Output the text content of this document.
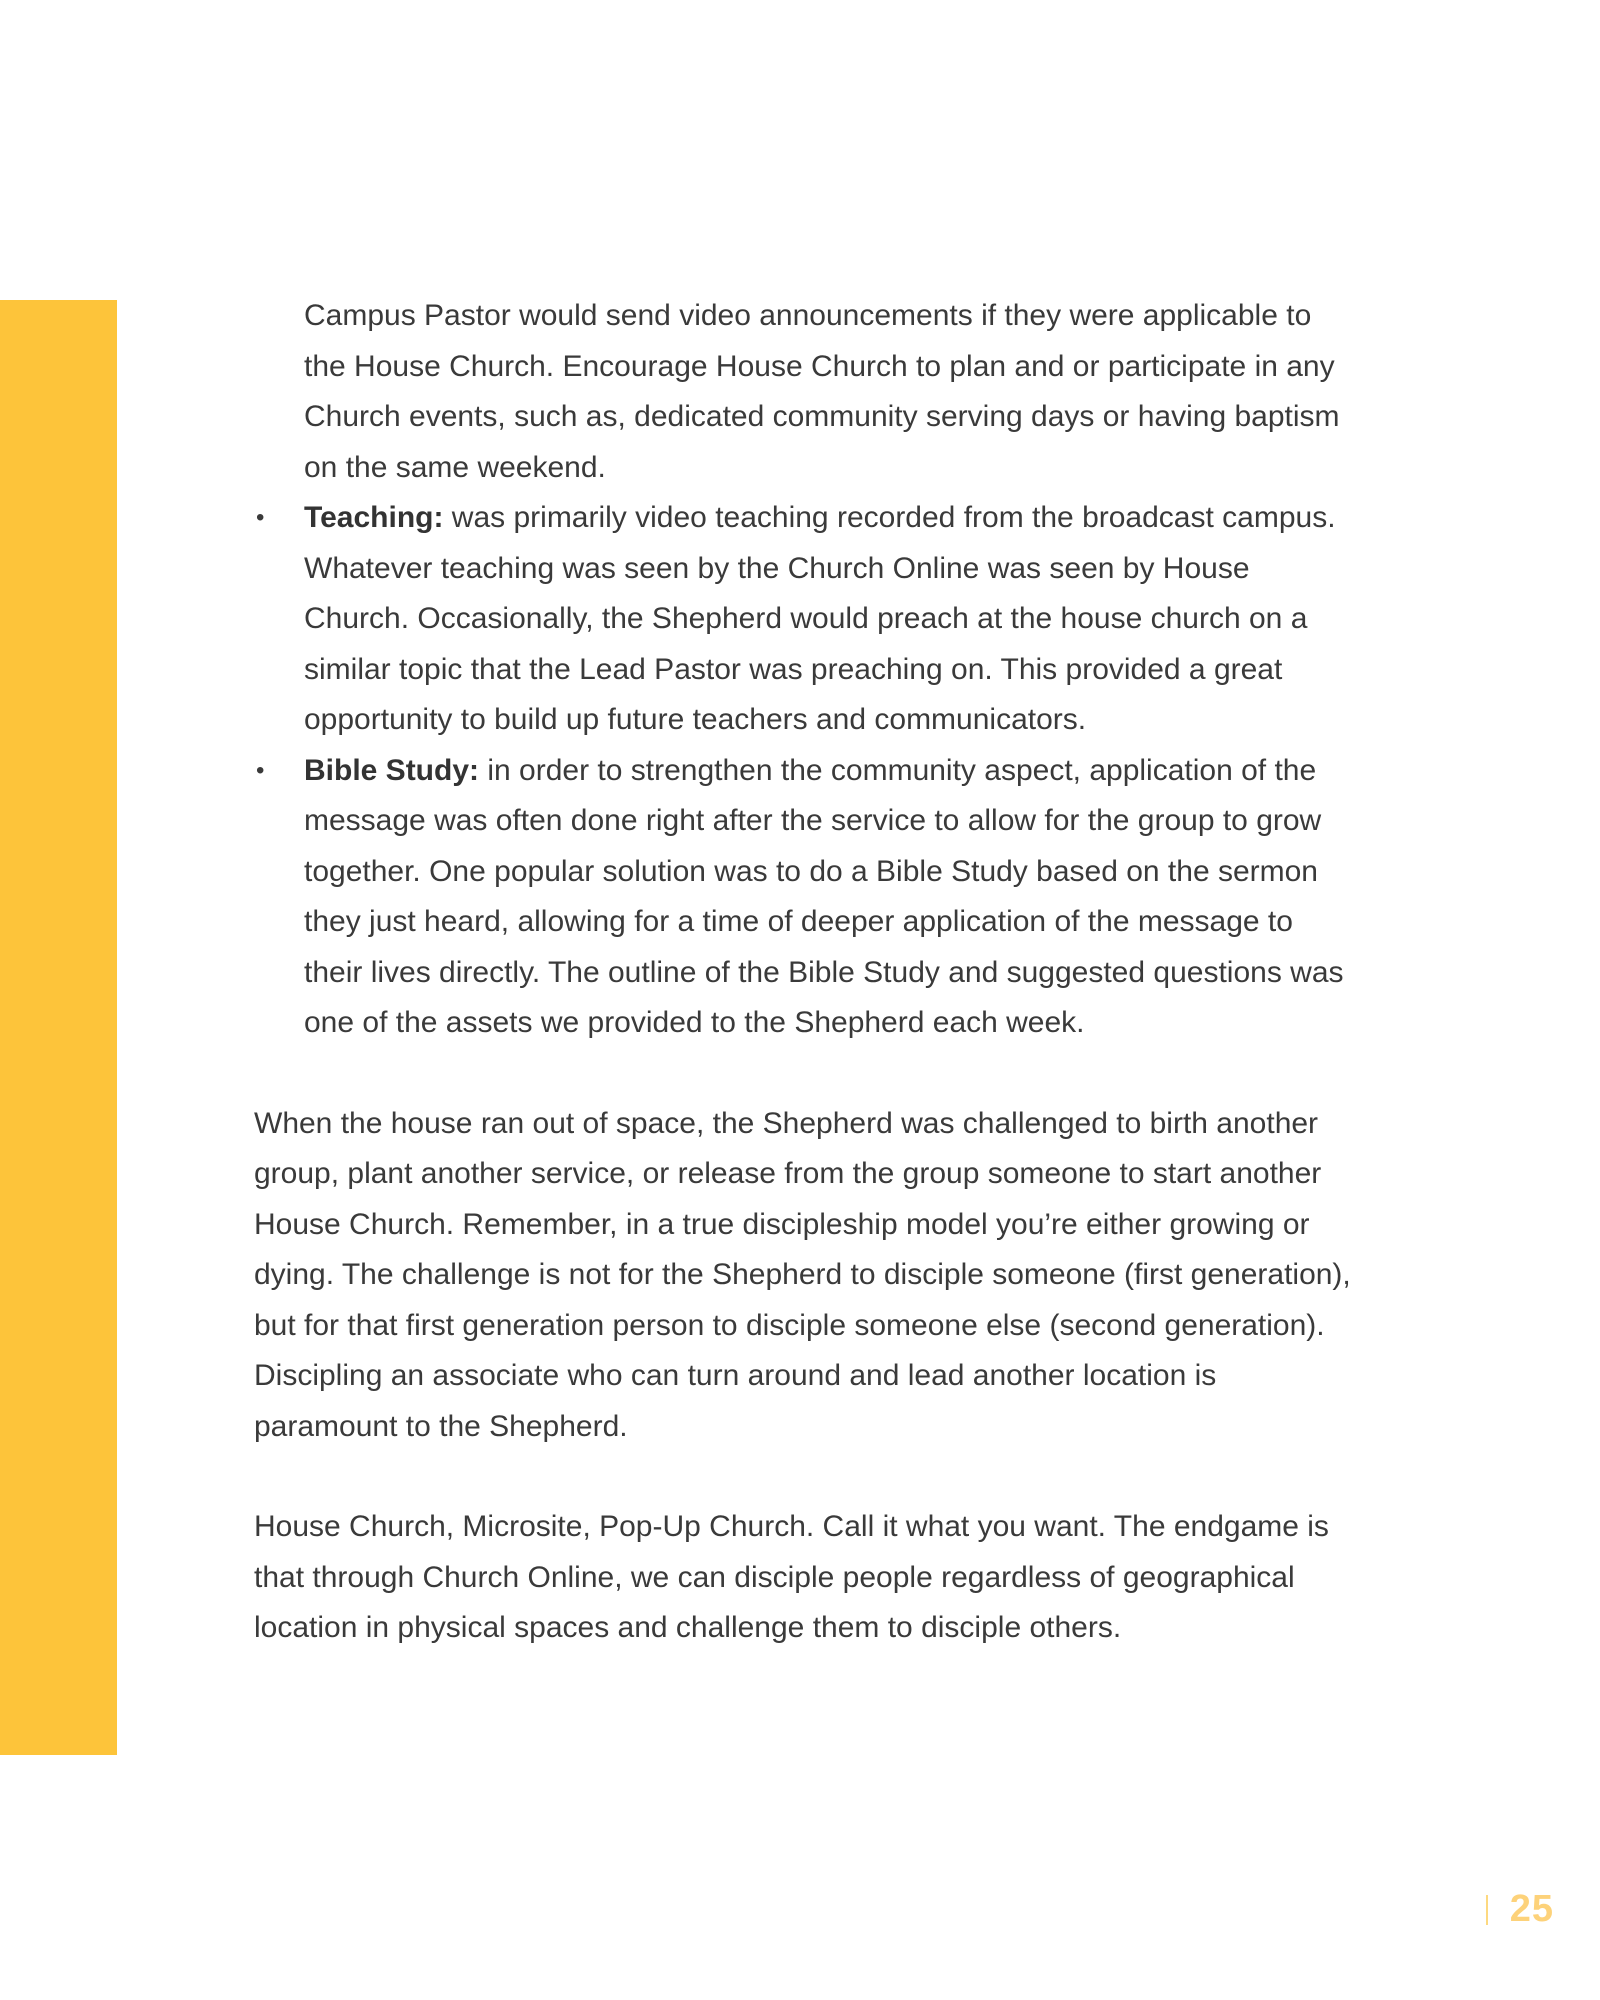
Campus Pastor would send video announcements if they were applicable to the House Church. Encourage House Church to plan and or participate in any Church events, such as, dedicated community serving days or having baptism on the same weekend.

• Teaching: was primarily video teaching recorded from the broadcast campus. Whatever teaching was seen by the Church Online was seen by House Church. Occasionally, the Shepherd would preach at the house church on a similar topic that the Lead Pastor was preaching on. This provided a great opportunity to build up future teachers and communicators.
• Bible Study: in order to strengthen the community aspect, application of the message was often done right after the service to allow for the group to grow together. One popular solution was to do a Bible Study based on the sermon they just heard, allowing for a time of deeper application of the message to their lives directly. The outline of the Bible Study and suggested questions was one of the assets we provided to the Shepherd each week.

When the house ran out of space, the Shepherd was challenged to birth another group, plant another service, or release from the group someone to start another House Church. Remember, in a true discipleship model you’re either growing or dying. The challenge is not for the Shepherd to disciple someone (first generation), but for that first generation person to disciple someone else (second generation). Discipling an associate who can turn around and lead another location is paramount to the Shepherd.

House Church, Microsite, Pop-Up Church. Call it what you want. The endgame is that through Church Online, we can disciple people regardless of geographical location in physical spaces and challenge them to disciple others.

25
